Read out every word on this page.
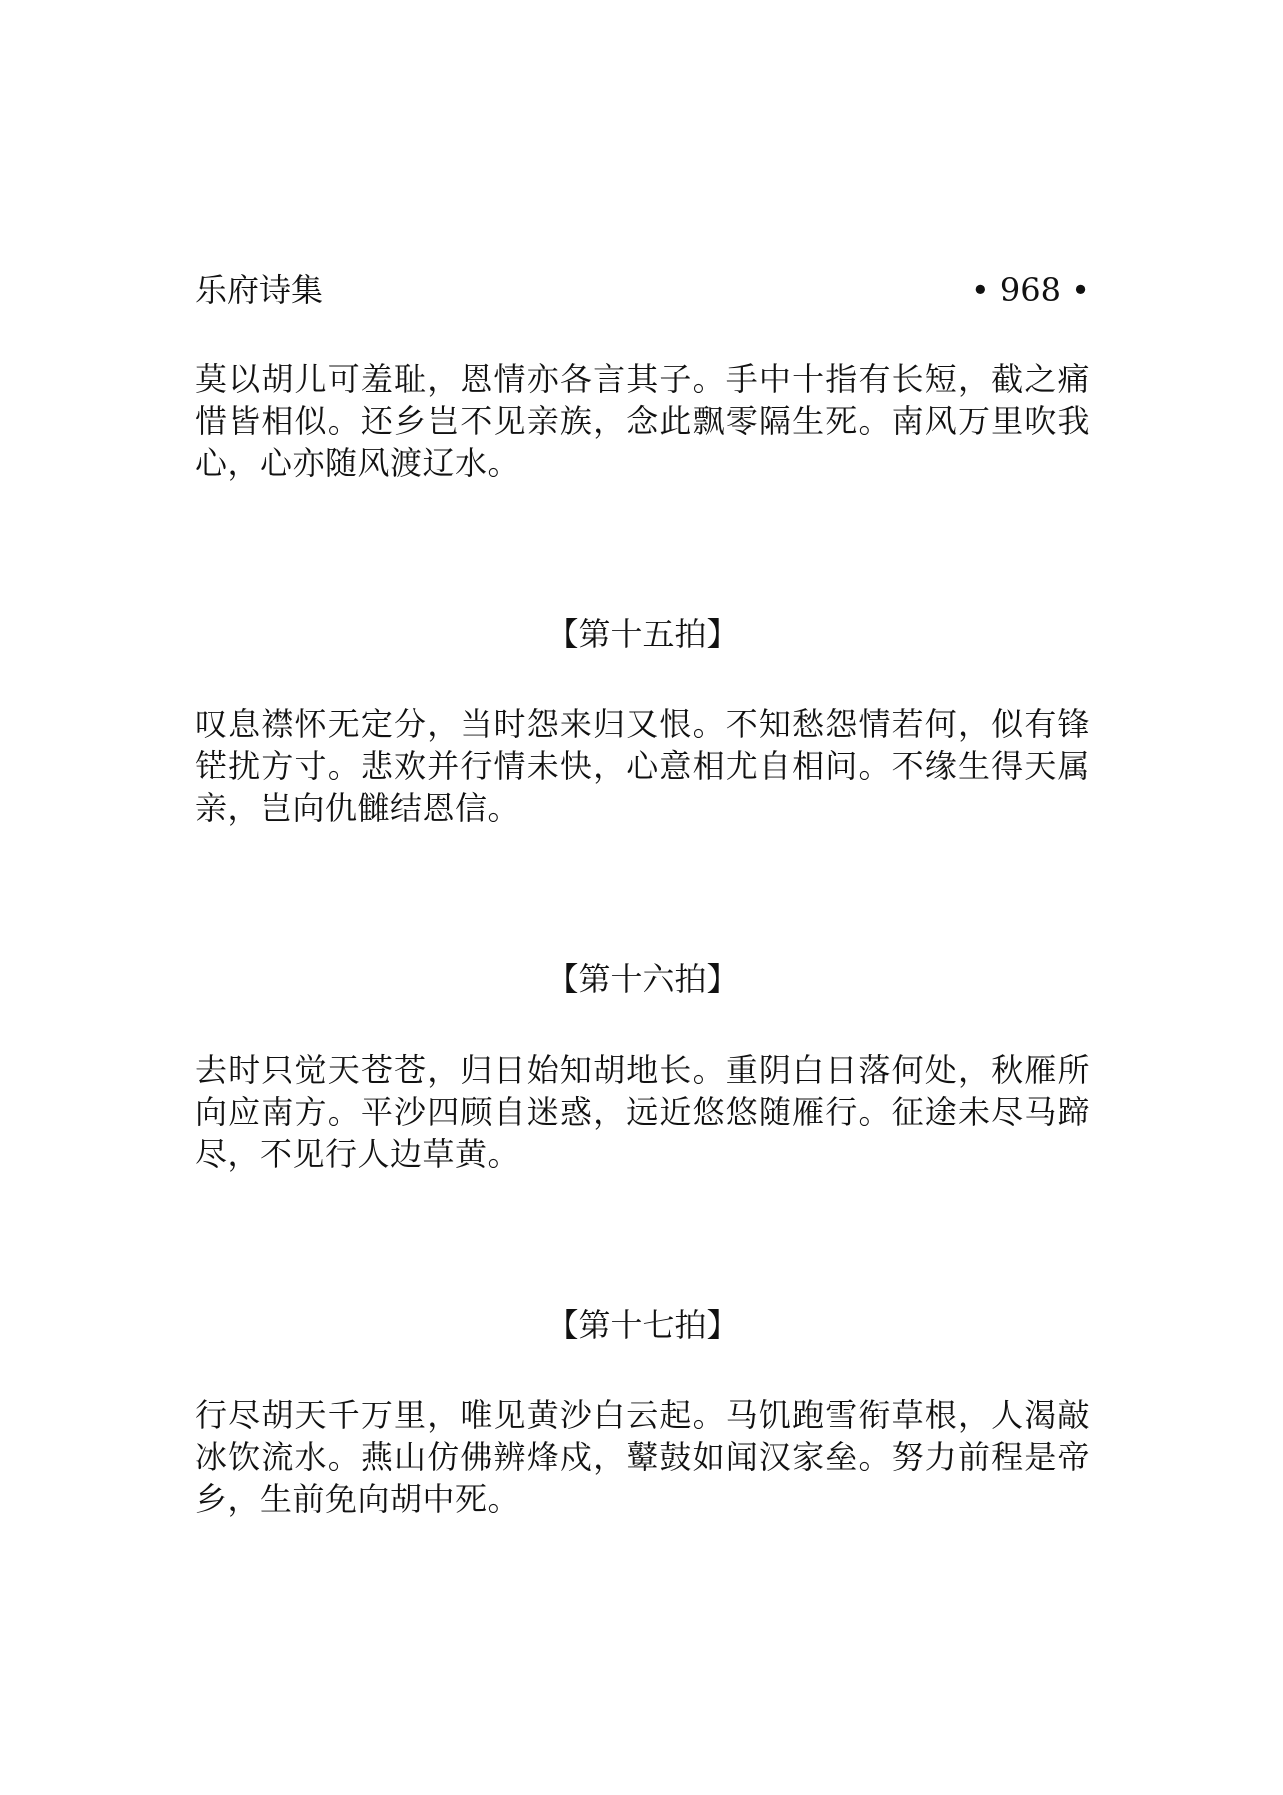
乐府诗集	• 968 •

莫以胡儿可羞耻，恩情亦各言其子。手中十指有长短，截之痛惜皆相似。还乡岂不见亲族，念此飘零隔生死。南风万里吹我心，心亦随风渡辽水。

【第十五拍】

叹息襟怀无定分，当时怨来归又恨。不知愁怨情若何，似有锋铓扰方寸。悲欢并行情未快，心意相尤自相问。不缘生得天属亲，岂向仇雠结恩信。

【第十六拍】

去时只觉天苍苍，归日始知胡地长。重阴白日落何处，秋雁所向应南方。平沙四顾自迷惑，远近悠悠随雁行。征途未尽马蹄尽，不见行人边草黄。

【第十七拍】

行尽胡天千万里，唯见黄沙白云起。马饥跑雪衔草根，人渴敲冰饮流水。燕山仿佛辨烽戍，鼙鼓如闻汉家垒。努力前程是帝乡，生前免向胡中死。
